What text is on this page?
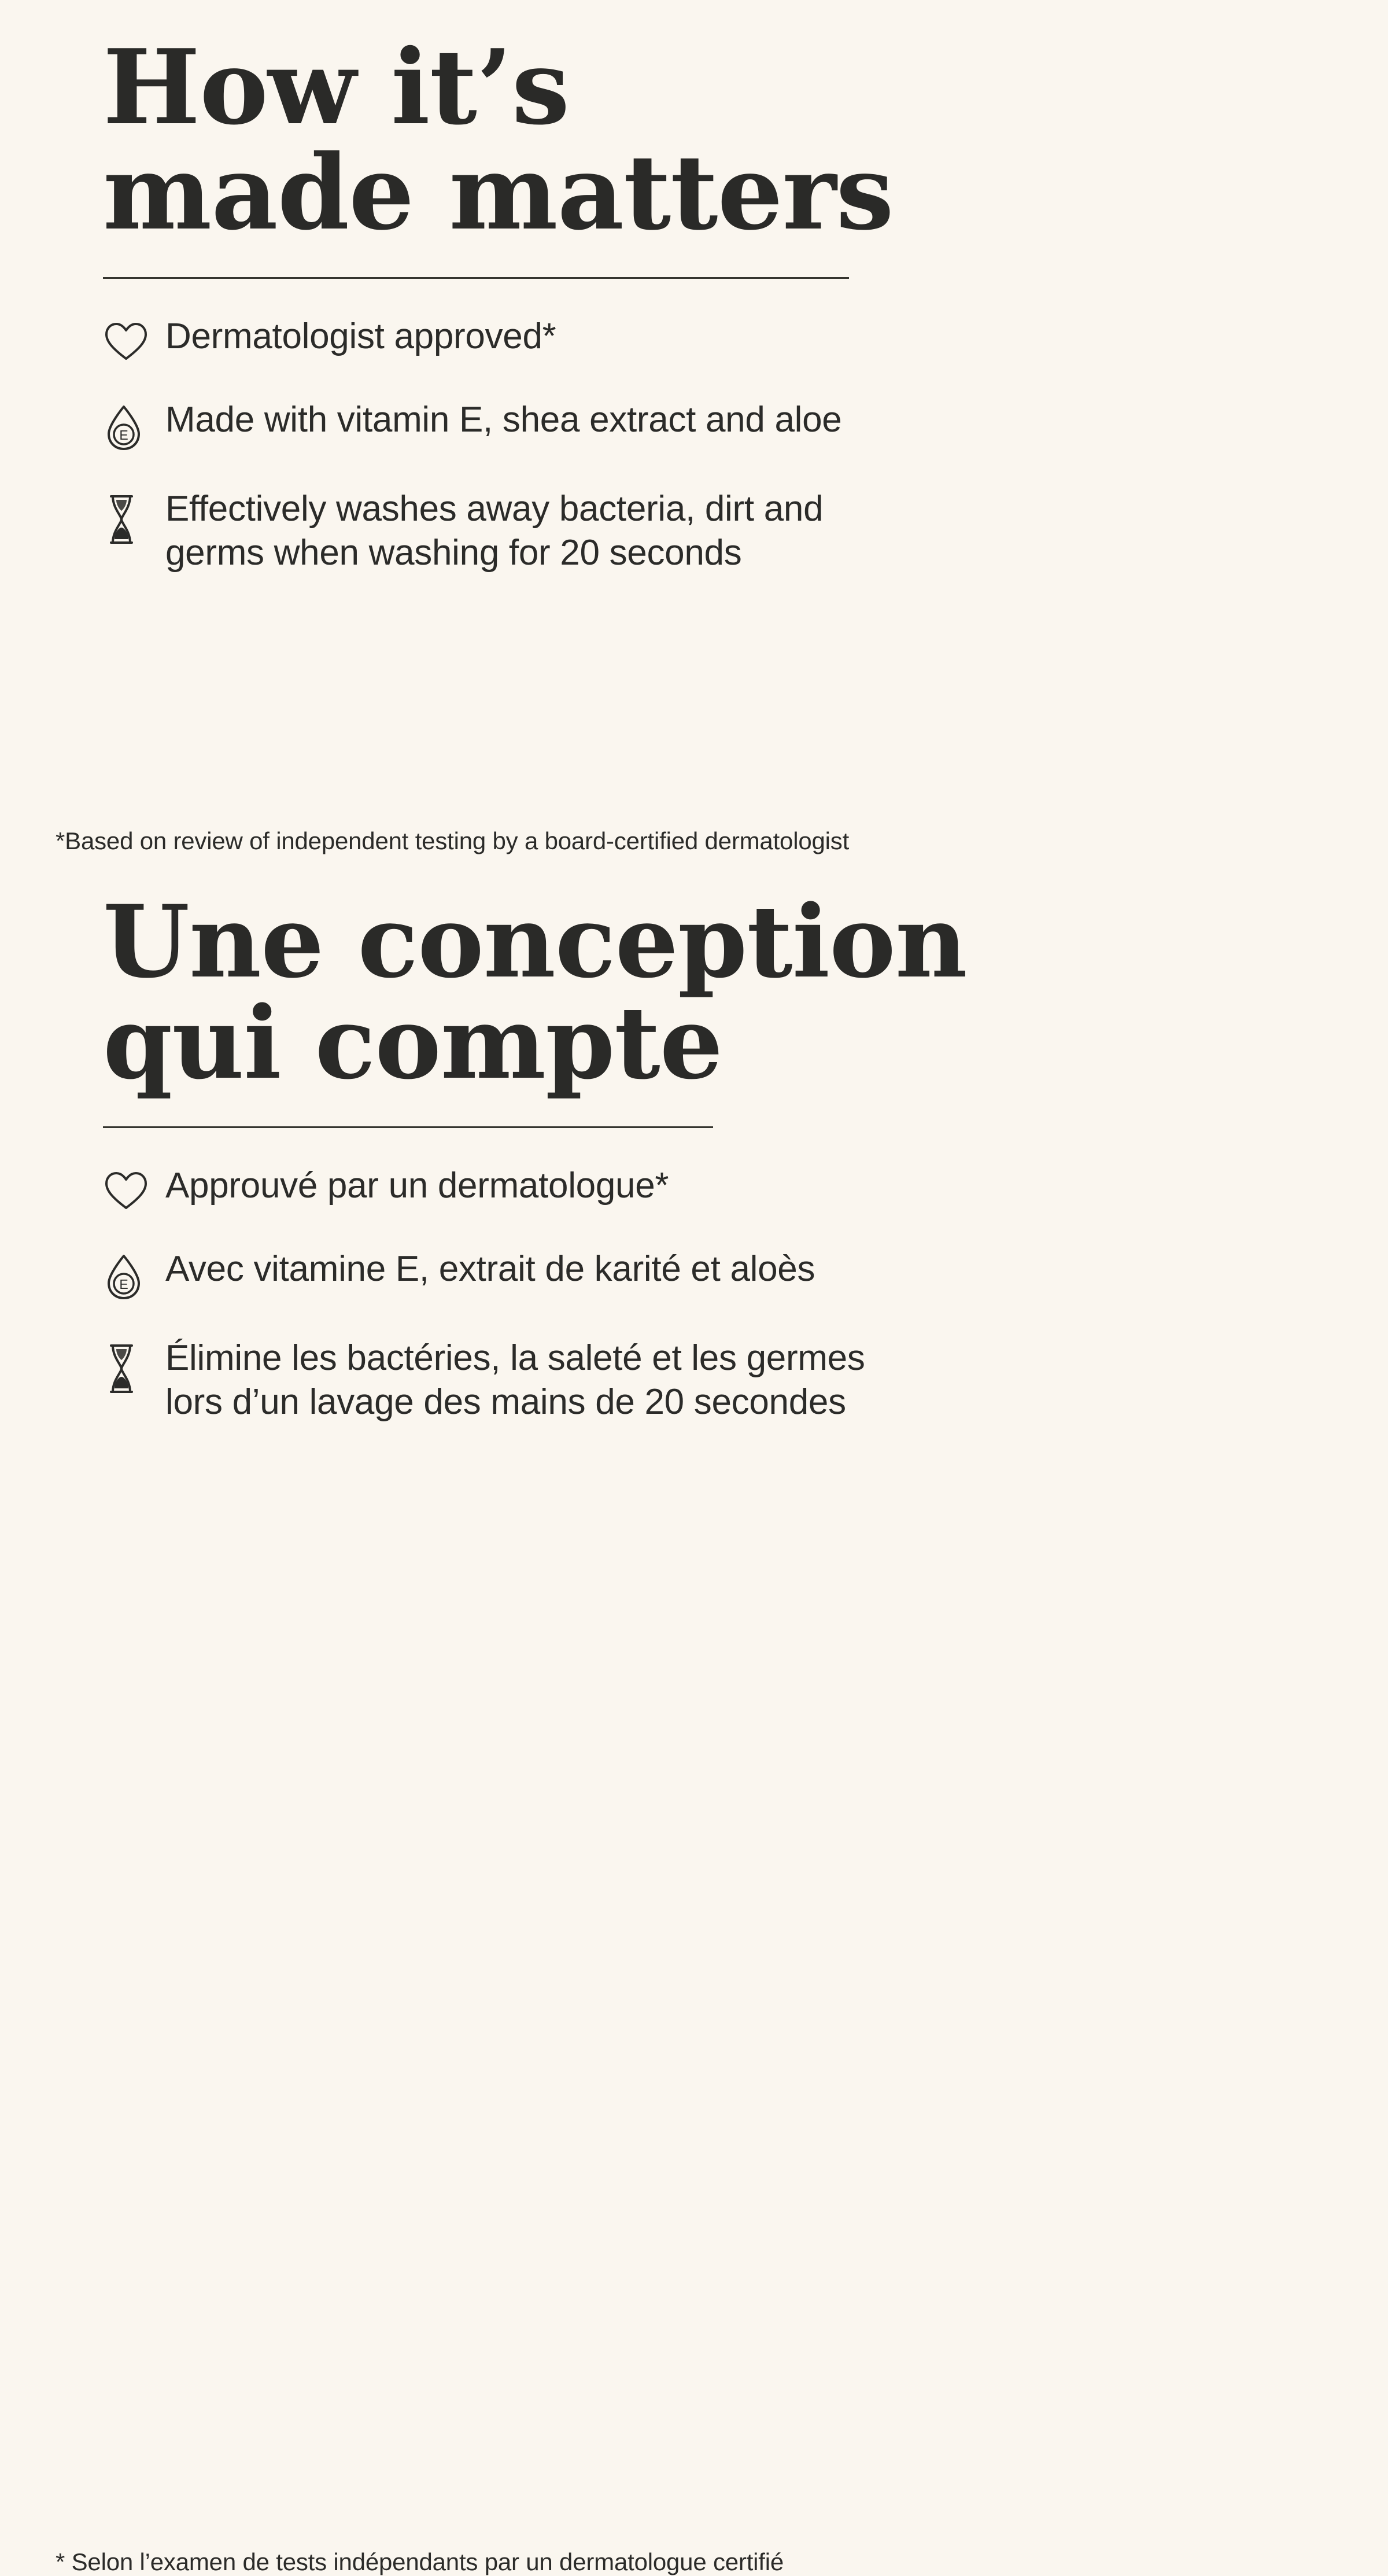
How it’s
made matters
Dermatologist approved*
E Made with vitamin E, shea extract and aloe
Effectively washes away bacteria, dirt and
germs when washing for 20 seconds
*Based on review of independent testing by a board-certified dermatologist
Une conception
qui compte
Approuvé par un dermatologue*
E Avec vitamine E, extrait de karité et aloès
Élimine les bactéries, la saleté et les germes
lors d’un lavage des mains de 20 secondes
* Selon l’examen de tests indépendants par un dermatologue certifié
